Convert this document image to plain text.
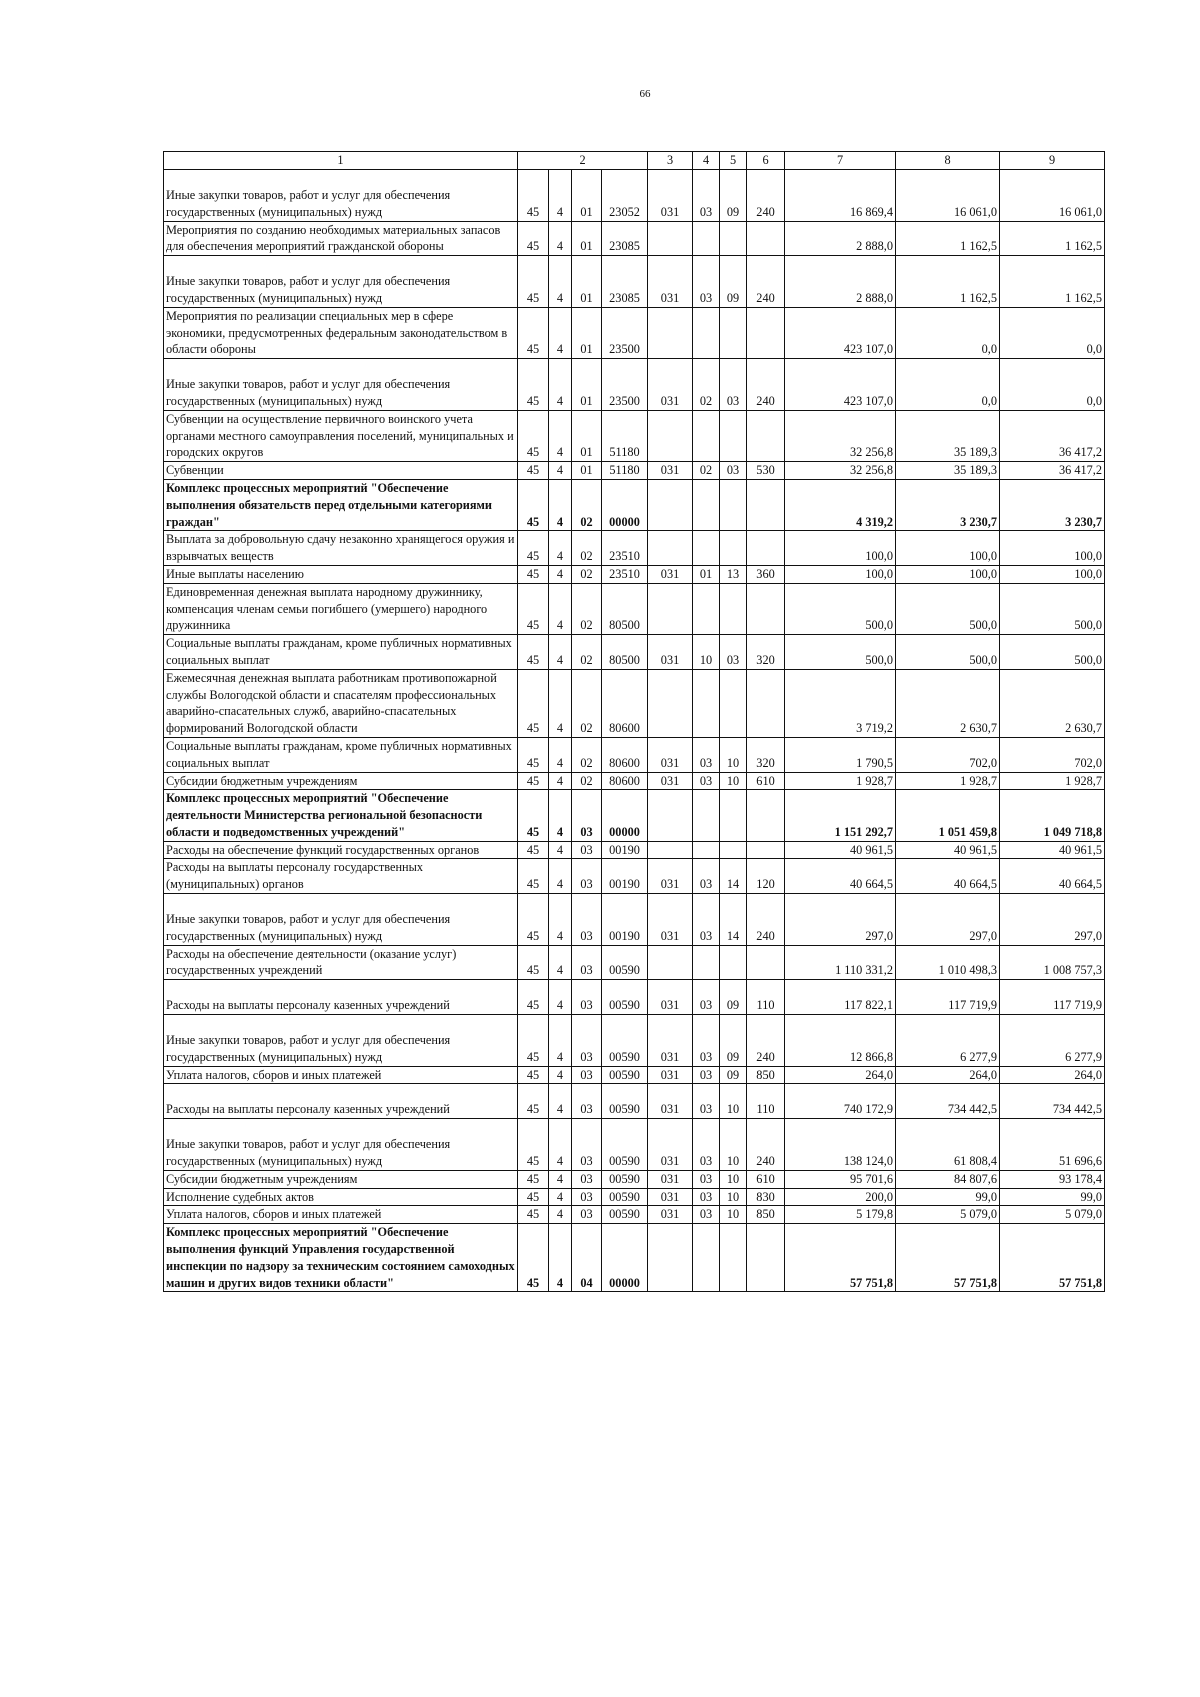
66
1	2				3	4	5	6	7	8	9
Иные закупки товаров, работ и услуг для обеспечения государственных (муниципальных) нужд	45	4	01	23052	031	03	09	240	16 869,4	16 061,0	16 061,0
Мероприятия по созданию необходимых материальных запасов для обеспечения мероприятий гражданской обороны	45	4	01	23085					2 888,0	1 162,5	1 162,5
Иные закупки товаров, работ и услуг для обеспечения государственных (муниципальных) нужд	45	4	01	23085	031	03	09	240	2 888,0	1 162,5	1 162,5
Мероприятия по реализации специальных мер в сфере экономики, предусмотренных федеральным законодательством в области обороны	45	4	01	23500					423 107,0	0,0	0,0
Иные закупки товаров, работ и услуг для обеспечения государственных (муниципальных) нужд	45	4	01	23500	031	02	03	240	423 107,0	0,0	0,0
Субвенции на осуществление первичного воинского учета органами местного самоуправления поселений, муниципальных и городских округов	45	4	01	51180					32 256,8	35 189,3	36 417,2
Субвенции	45	4	01	51180	031	02	03	530	32 256,8	35 189,3	36 417,2
Комплекс процессных мероприятий "Обеспечение выполнения обязательств перед отдельными категориями граждан"	45	4	02	00000					4 319,2	3 230,7	3 230,7
Выплата за добровольную сдачу незаконно хранящегося оружия и взрывчатых веществ	45	4	02	23510					100,0	100,0	100,0
Иные выплаты населению	45	4	02	23510	031	01	13	360	100,0	100,0	100,0
Единовременная денежная выплата народному дружиннику, компенсация членам семьи погибшего (умершего) народного дружинника	45	4	02	80500					500,0	500,0	500,0
Социальные выплаты гражданам, кроме публичных нормативных социальных выплат	45	4	02	80500	031	10	03	320	500,0	500,0	500,0
Ежемесячная денежная выплата работникам противопожарной службы Вологодской области и спасателям профессиональных аварийно-спасательных служб, аварийно-спасательных формирований Вологодской области	45	4	02	80600					3 719,2	2 630,7	2 630,7
Социальные выплаты гражданам, кроме публичных нормативных социальных выплат	45	4	02	80600	031	03	10	320	1 790,5	702,0	702,0
Субсидии бюджетным учреждениям	45	4	02	80600	031	03	10	610	1 928,7	1 928,7	1 928,7
Комплекс процессных мероприятий "Обеспечение деятельности Министерства региональной безопасности области и подведомственных учреждений"	45	4	03	00000					1 151 292,7	1 051 459,8	1 049 718,8
Расходы на обеспечение функций государственных органов	45	4	03	00190					40 961,5	40 961,5	40 961,5
Расходы на выплаты персоналу государственных (муниципальных) органов	45	4	03	00190	031	03	14	120	40 664,5	40 664,5	40 664,5
Иные закупки товаров, работ и услуг для обеспечения государственных (муниципальных) нужд	45	4	03	00190	031	03	14	240	297,0	297,0	297,0
Расходы на обеспечение деятельности (оказание услуг) государственных учреждений	45	4	03	00590					1 110 331,2	1 010 498,3	1 008 757,3
Расходы на выплаты персоналу казенных учреждений	45	4	03	00590	031	03	09	110	117 822,1	117 719,9	117 719,9
Иные закупки товаров, работ и услуг для обеспечения государственных (муниципальных) нужд	45	4	03	00590	031	03	09	240	12 866,8	6 277,9	6 277,9
Уплата налогов, сборов и иных платежей	45	4	03	00590	031	03	09	850	264,0	264,0	264,0
Расходы на выплаты персоналу казенных учреждений	45	4	03	00590	031	03	10	110	740 172,9	734 442,5	734 442,5
Иные закупки товаров, работ и услуг для обеспечения государственных (муниципальных) нужд	45	4	03	00590	031	03	10	240	138 124,0	61 808,4	51 696,6
Субсидии бюджетным учреждениям	45	4	03	00590	031	03	10	610	95 701,6	84 807,6	93 178,4
Исполнение судебных актов	45	4	03	00590	031	03	10	830	200,0	99,0	99,0
Уплата налогов, сборов и иных платежей	45	4	03	00590	031	03	10	850	5 179,8	5 079,0	5 079,0
Комплекс процессных мероприятий "Обеспечение выполнения функций Управления государственной инспекции по надзору за техническим состоянием самоходных машин и других видов техники области"	45	4	04	00000					57 751,8	57 751,8	57 751,8
